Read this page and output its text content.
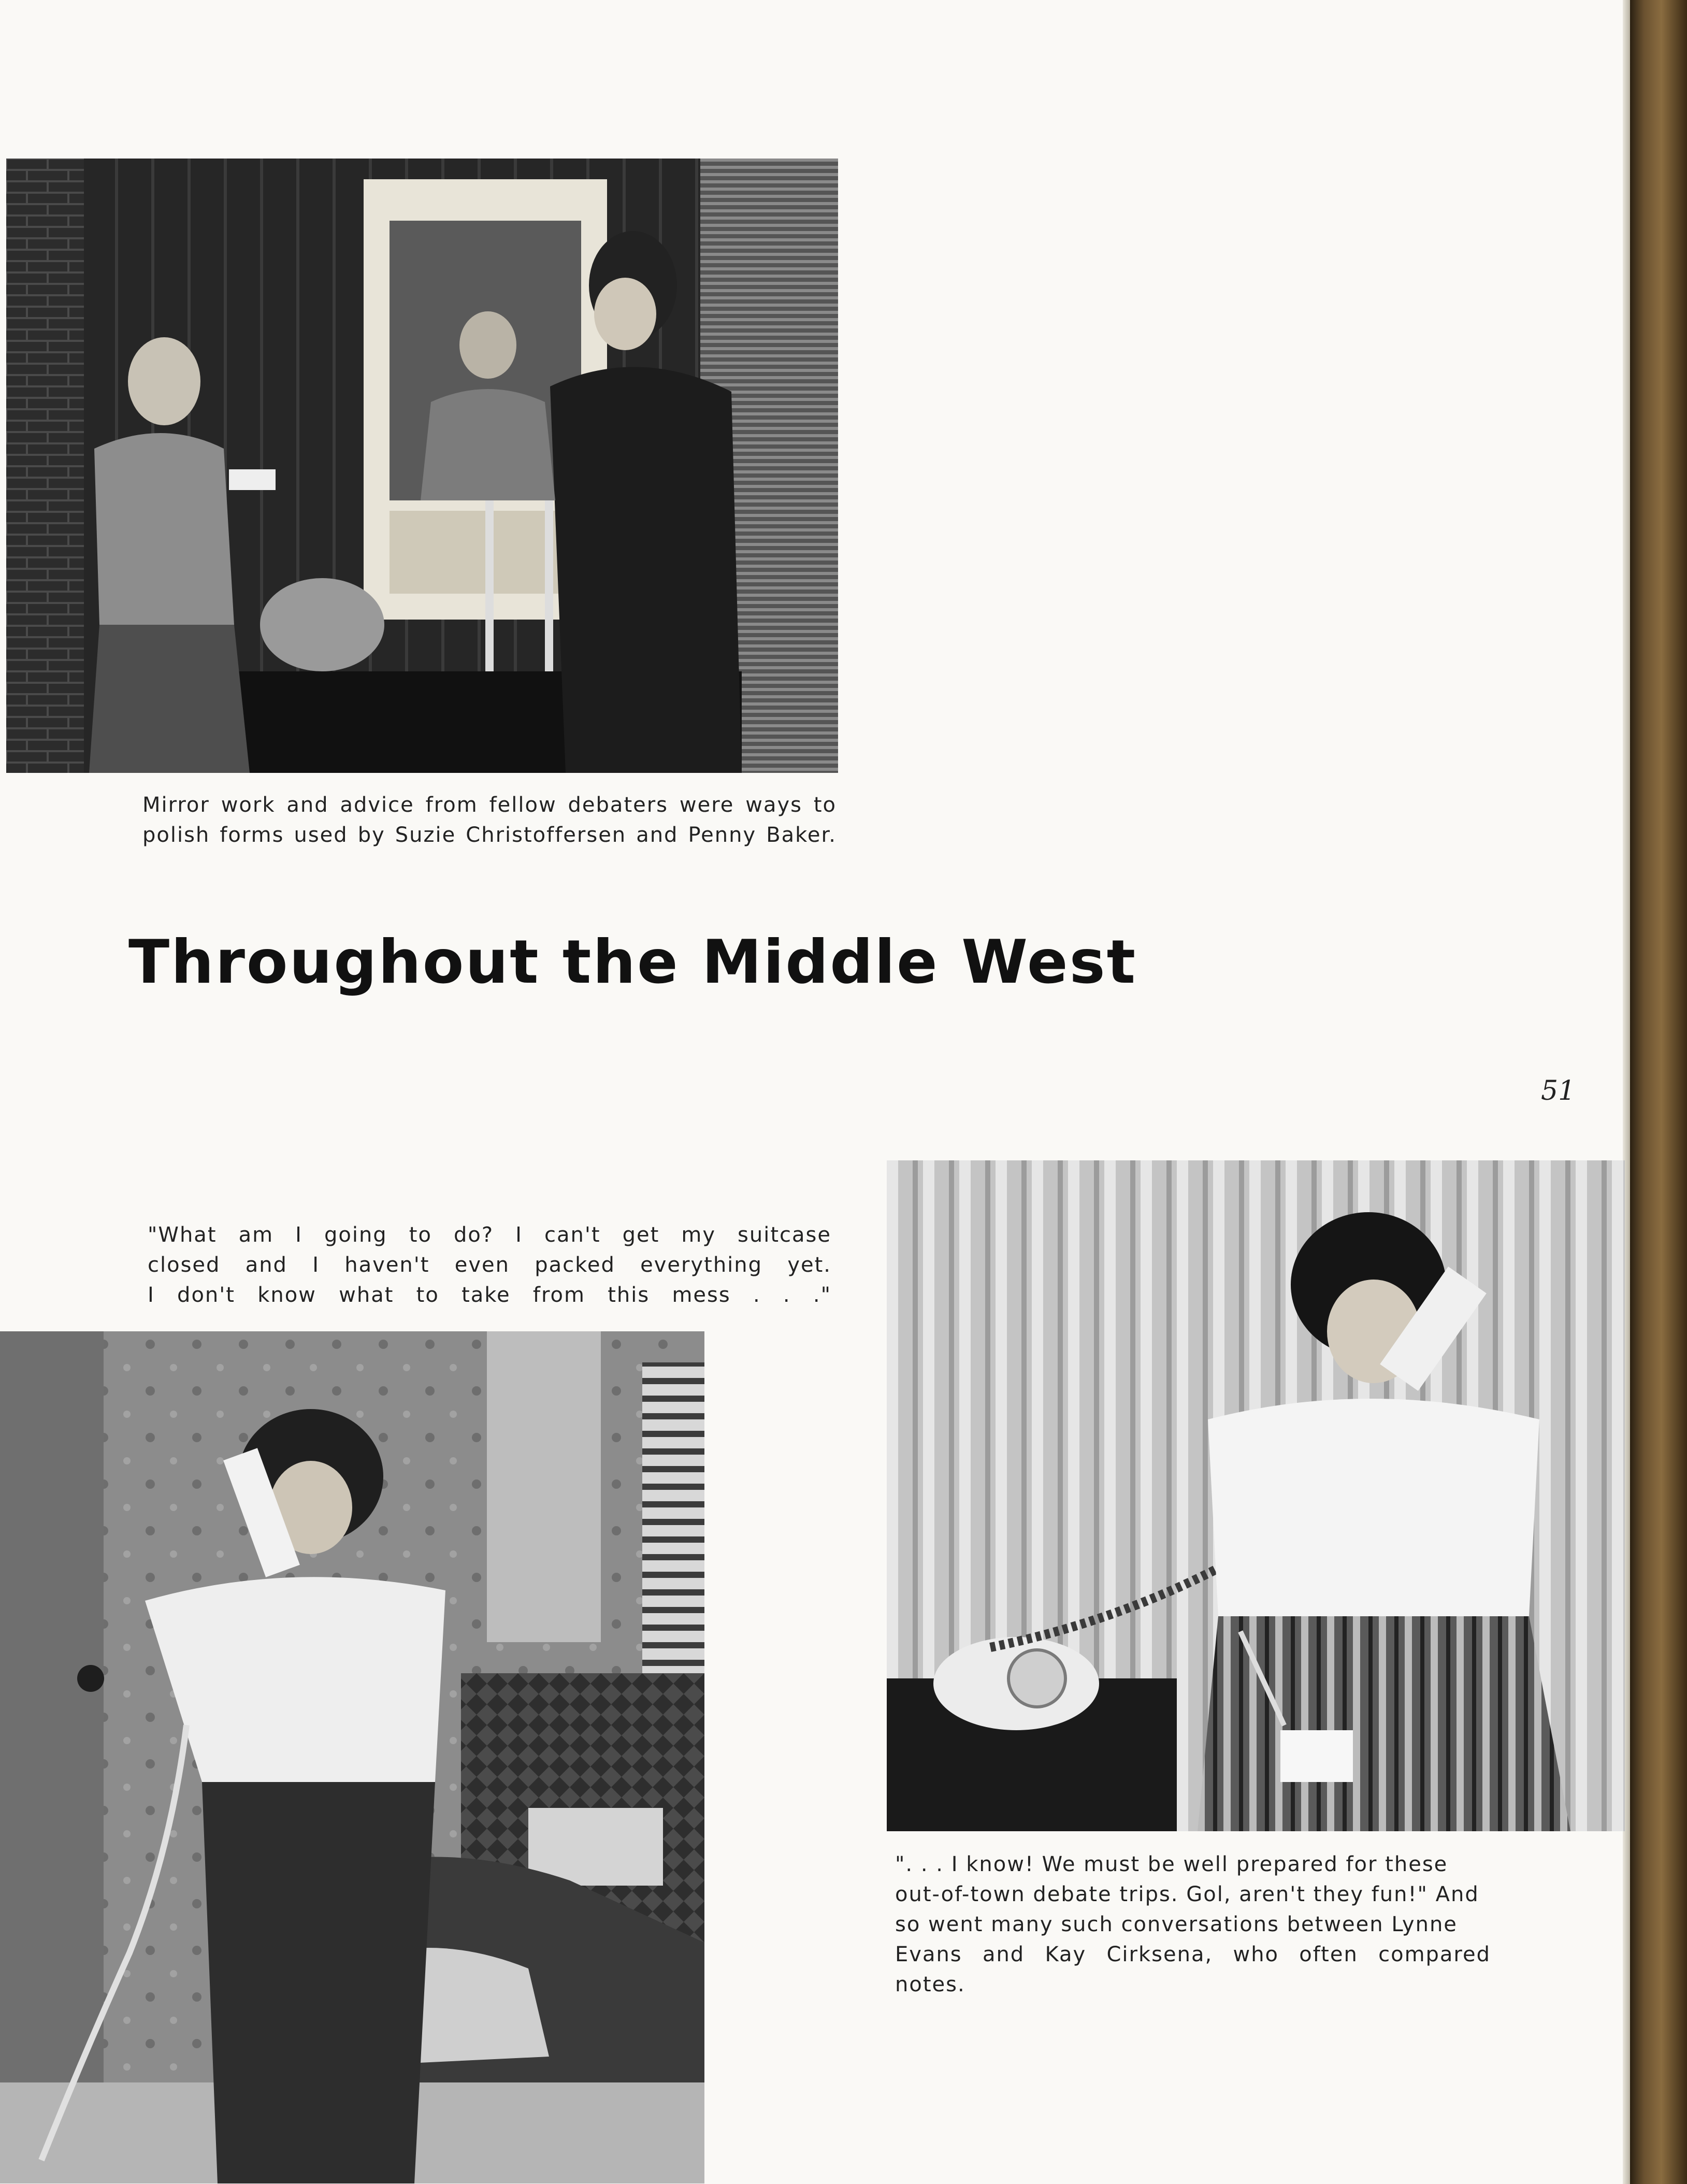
Mirror work and advice from fellow debaters were ways to
polish forms used by Suzie Christoffersen and Penny Baker.

Throughout the Middle West
51

"What am I going to do? I can't get my suitcase
closed and I haven't even packed everything yet.
I don't know what to take from this mess . . ."

". . . I know! We must be well prepared for these
out-of-town debate trips. Gol, aren't they fun!" And
so went many such conversations between Lynne
Evans and Kay Cirksena, who often compared notes.
